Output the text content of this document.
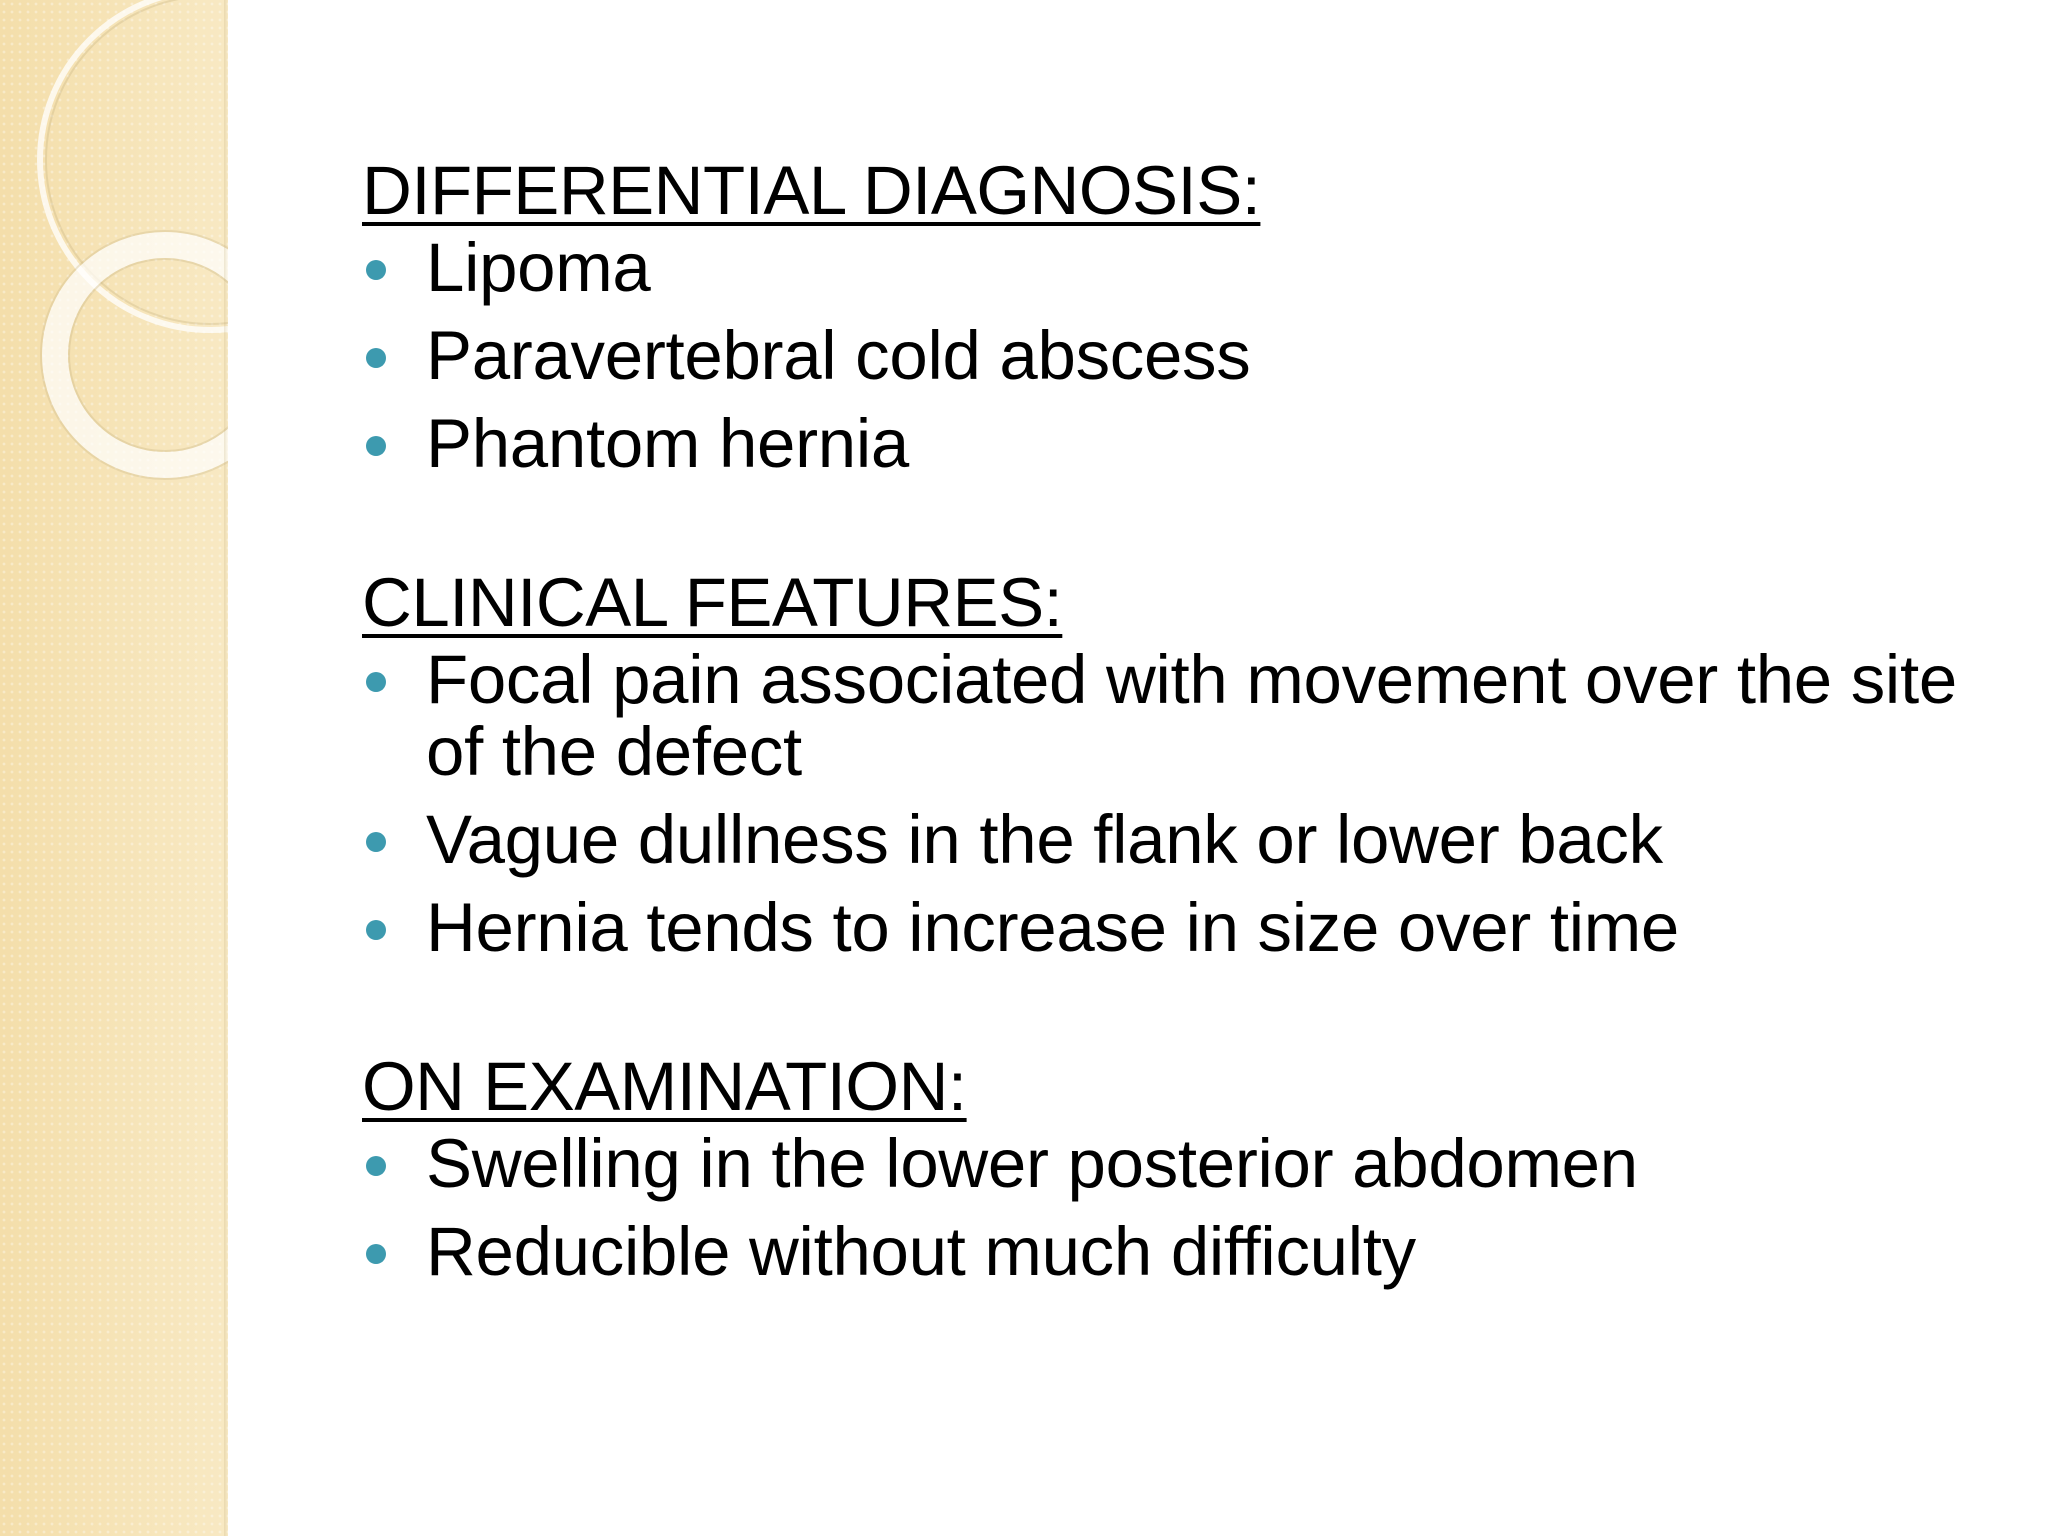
DIFFERENTIAL DIAGNOSIS:
Lipoma
Paravertebral cold abscess
Phantom hernia
CLINICAL FEATURES:
Focal pain associated with movement over the site of the defect
Vague dullness in the flank or lower back
Hernia tends to increase in size over time
ON EXAMINATION:
Swelling in the lower posterior abdomen
Reducible without much difficulty
